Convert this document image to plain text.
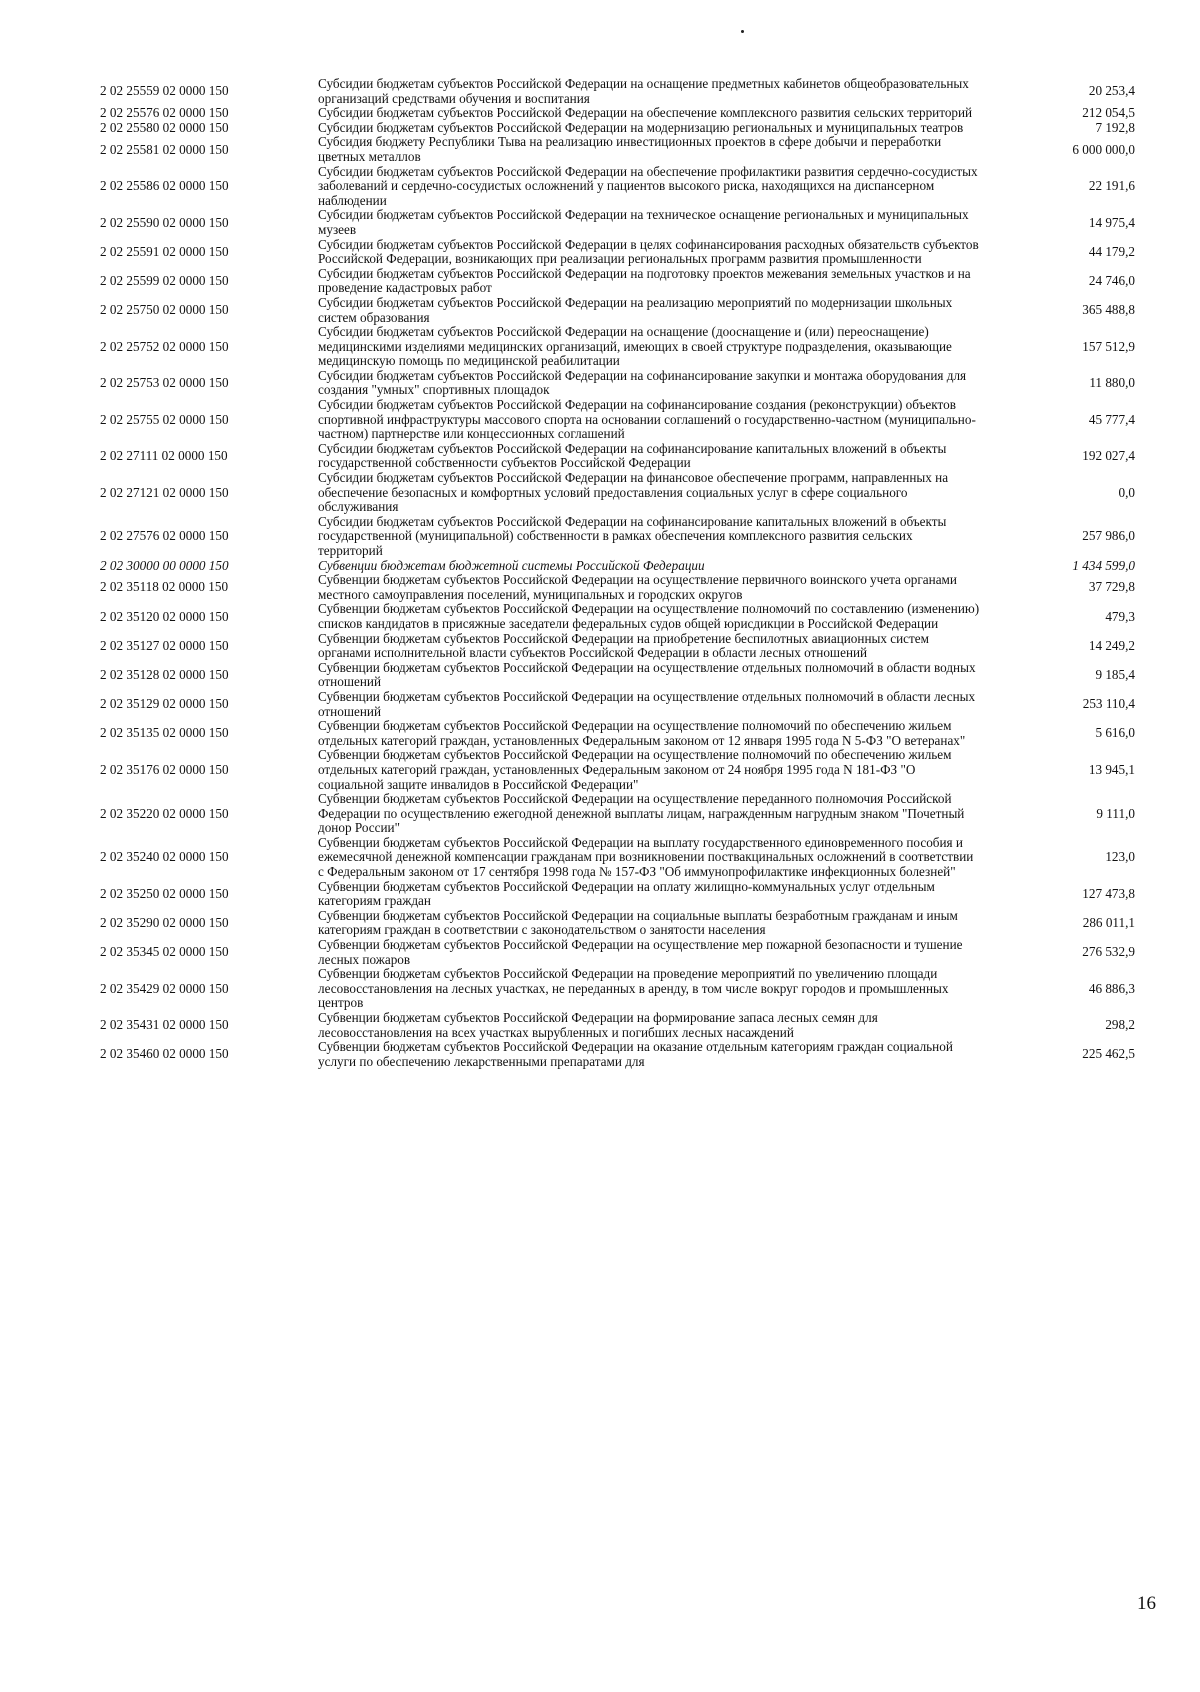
2 02 25559 02 0000 150	Субсидии бюджетам субъектов Российской Федерации на оснащение предметных кабинетов общеобразовательных организаций средствами обучения и воспитания	20 253,4
2 02 25576 02 0000 150	Субсидии бюджетам субъектов Российской Федерации на обеспечение комплексного развития сельских территорий	212 054,5
2 02 25580 02 0000 150	Субсидии бюджетам субъектов Российской Федерации на модернизацию региональных и муниципальных театров	7 192,8
2 02 25581 02 0000 150	Субсидия бюджету Республики Тыва на реализацию инвестиционных проектов в сфере добычи и переработки цветных металлов	6 000 000,0
2 02 25586 02 0000 150	Субсидии бюджетам субъектов Российской Федерации на обеспечение профилактики развития сердечно-сосудистых заболеваний и сердечно-сосудистых осложнений у пациентов высокого риска, находящихся на диспансерном наблюдении	22 191,6
2 02 25590 02 0000 150	Субсидии бюджетам субъектов Российской Федерации на техническое оснащение региональных и муниципальных музеев	14 975,4
2 02 25591 02 0000 150	Субсидии бюджетам субъектов Российской Федерации в целях софинансирования расходных обязательств субъектов Российской Федерации, возникающих при реализации региональных программ развития промышленности	44 179,2
2 02 25599 02 0000 150	Субсидии бюджетам субъектов Российской Федерации на подготовку проектов межевания земельных участков и на проведение кадастровых работ	24 746,0
2 02 25750 02 0000 150	Субсидии бюджетам субъектов Российской Федерации на реализацию мероприятий по модернизации школьных систем образования	365 488,8
2 02 25752 02 0000 150	Субсидии бюджетам субъектов Российской Федерации на оснащение (дооснащение и (или) переоснащение) медицинскими изделиями медицинских организаций, имеющих в своей структуре подразделения, оказывающие медицинскую помощь по медицинской реабилитации	157 512,9
2 02 25753 02 0000 150	Субсидии бюджетам субъектов Российской Федерации на софинансирование закупки и монтажа оборудования для создания "умных" спортивных площадок	11 880,0
2 02 25755 02 0000 150	Субсидии бюджетам субъектов Российской Федерации на софинансирование создания (реконструкции) объектов спортивной инфраструктуры массового спорта на основании соглашений о государственно-частном (муниципально-частном) партнерстве или концессионных соглашений	45 777,4
2 02 27111 02 0000 150	Субсидии бюджетам субъектов Российской Федерации на софинансирование капитальных вложений в объекты государственной собственности субъектов Российской Федерации	192 027,4
2 02 27121 02 0000 150	Субсидии бюджетам субъектов Российской Федерации на финансовое обеспечение программ, направленных на обеспечение безопасных и комфортных условий предоставления социальных услуг в сфере социального обслуживания	0,0
2 02 27576 02 0000 150	Субсидии бюджетам субъектов Российской Федерации на софинансирование капитальных вложений в объекты государственной (муниципальной) собственности в рамках обеспечения комплексного развития сельских территорий	257 986,0
2 02 30000 00 0000 150	Субвенции бюджетам бюджетной системы Российской Федерации	1 434 599,0
2 02 35118 02 0000 150	Субвенции бюджетам субъектов Российской Федерации на осуществление первичного воинского учета органами местного самоуправления поселений, муниципальных и городских округов	37 729,8
2 02 35120 02 0000 150	Субвенции бюджетам субъектов Российской Федерации на осуществление полномочий по составлению (изменению) списков кандидатов в присяжные заседатели федеральных судов общей юрисдикции в Российской Федерации	479,3
2 02 35127 02 0000 150	Субвенции бюджетам субъектов Российской Федерации на приобретение беспилотных авиационных систем органами исполнительной власти субъектов Российской Федерации в области лесных отношений	14 249,2
2 02 35128 02 0000 150	Субвенции бюджетам субъектов Российской Федерации на осуществление отдельных полномочий в области водных отношений	9 185,4
2 02 35129 02 0000 150	Субвенции бюджетам субъектов Российской Федерации на осуществление отдельных полномочий в области лесных отношений	253 110,4
2 02 35135 02 0000 150	Субвенции бюджетам субъектов Российской Федерации на осуществление полномочий по обеспечению жильем отдельных категорий граждан, установленных Федеральным законом от 12 января 1995 года N 5-ФЗ "О ветеранах"	5 616,0
2 02 35176 02 0000 150	Субвенции бюджетам субъектов Российской Федерации на осуществление полномочий по обеспечению жильем отдельных категорий граждан, установленных Федеральным законом от 24 ноября 1995 года N 181-ФЗ "О социальной защите инвалидов в Российской Федерации"	13 945,1
2 02 35220 02 0000 150	Субвенции бюджетам субъектов Российской Федерации на осуществление переданного полномочия Российской Федерации по осуществлению ежегодной денежной выплаты лицам, награжденным нагрудным знаком "Почетный донор России"	9 111,0
2 02 35240 02 0000 150	Субвенции бюджетам субъектов Российской Федерации на выплату государственного единовременного пособия и ежемесячной денежной компенсации гражданам при возникновении поствакцинальных осложнений в соответствии с Федеральным законом от 17 сентября 1998 года № 157-ФЗ "Об иммунопрофилактике инфекционных болезней"	123,0
2 02 35250 02 0000 150	Субвенции бюджетам субъектов Российской Федерации на оплату жилищно-коммунальных услуг отдельным категориям граждан	127 473,8
2 02 35290 02 0000 150	Субвенции бюджетам субъектов Российской Федерации на социальные выплаты безработным гражданам и иным категориям граждан в соответствии с законодательством о занятости населения	286 011,1
2 02 35345 02 0000 150	Субвенции бюджетам субъектов Российской Федерации на осуществление мер пожарной безопасности и тушение лесных пожаров	276 532,9
2 02 35429 02 0000 150	Субвенции бюджетам субъектов Российской Федерации на проведение мероприятий по увеличению площади лесовосстановления на лесных участках, не переданных в аренду, в том числе вокруг городов и промышленных центров	46 886,3
2 02 35431 02 0000 150	Субвенции бюджетам субъектов Российской Федерации на формирование запаса лесных семян для лесовосстановления на всех участках вырубленных и погибших лесных насаждений	298,2
2 02 35460 02 0000 150	Субвенции бюджетам субъектов Российской Федерации на оказание отдельным категориям граждан социальной услуги по обеспечению лекарственными препаратами для	225 462,5
16
